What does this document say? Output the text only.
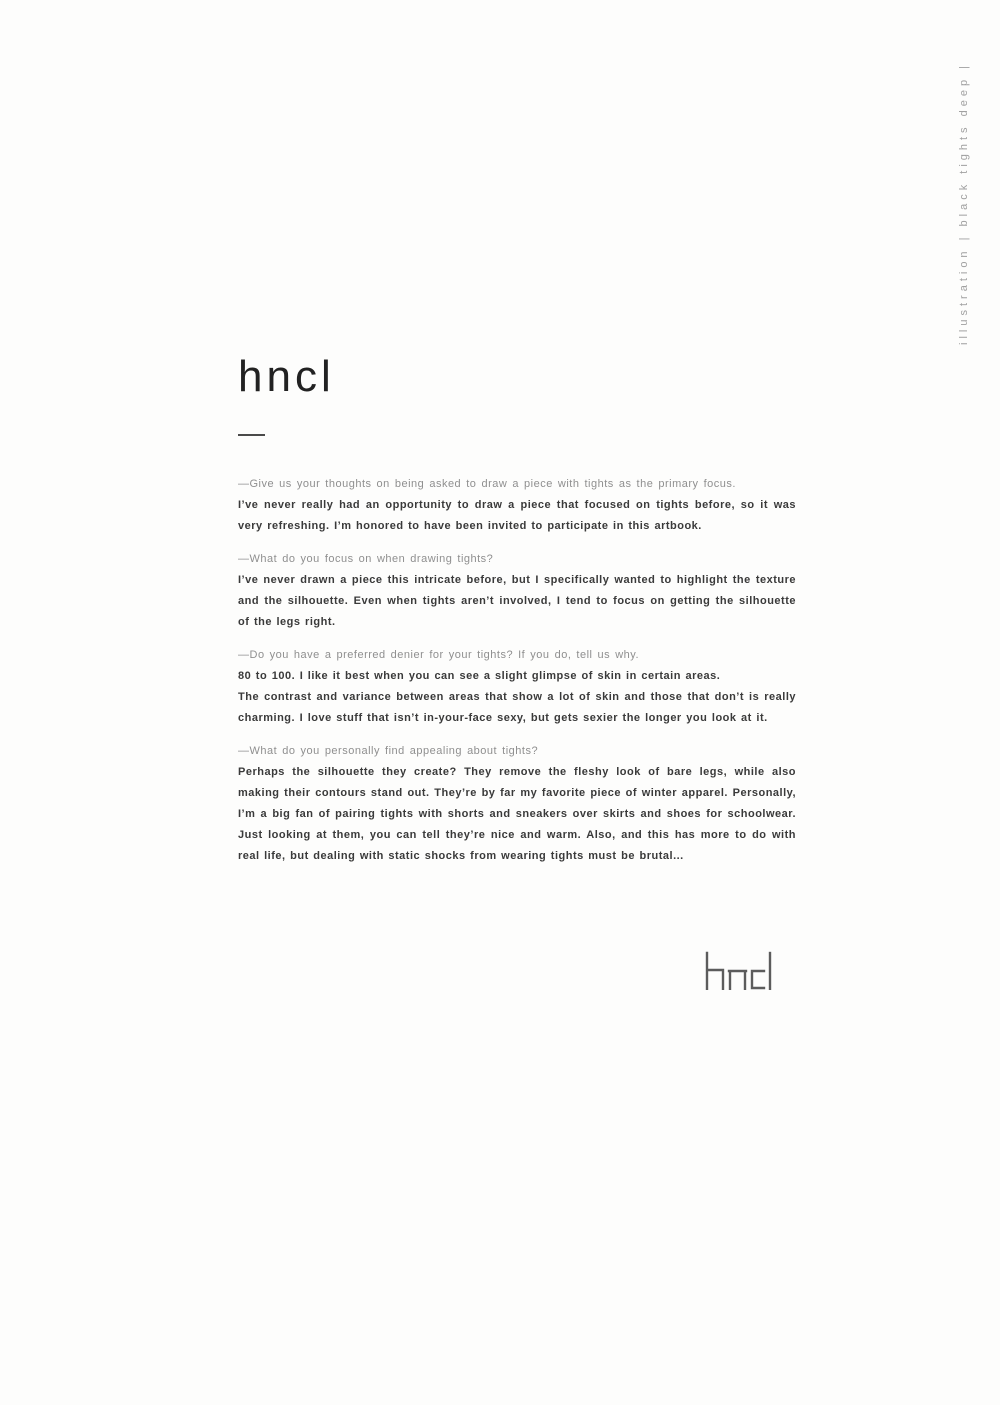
illustration | black tights deep |
hncl

—Give us your thoughts on being asked to draw a piece with tights as the primary focus.

I’ve never really had an opportunity to draw a piece that focused on tights before, so it was very refreshing. I’m honored to have been invited to participate in this artbook.

—What do you focus on when drawing tights?

I’ve never drawn a piece this intricate before, but I specifically wanted to highlight the texture and the silhouette. Even when tights aren’t involved, I tend to focus on getting the silhouette of the legs right.

—Do you have a preferred denier for your tights? If you do, tell us why.

80 to 100. I like it best when you can see a slight glimpse of skin in certain areas.

The contrast and variance between areas that show a lot of skin and those that don’t is really charming. I love stuff that isn’t in-your-face sexy, but gets sexier the longer you look at it.

—What do you personally find appealing about tights?

Perhaps the silhouette they create? They remove the fleshy look of bare legs, while also making their contours stand out. They’re by far my favorite piece of winter apparel. Personally, I’m a big fan of pairing tights with shorts and sneakers over skirts and shoes for schoolwear. Just looking at them, you can tell they’re nice and warm. Also, and this has more to do with real life, but dealing with static shocks from wearing tights must be brutal...
